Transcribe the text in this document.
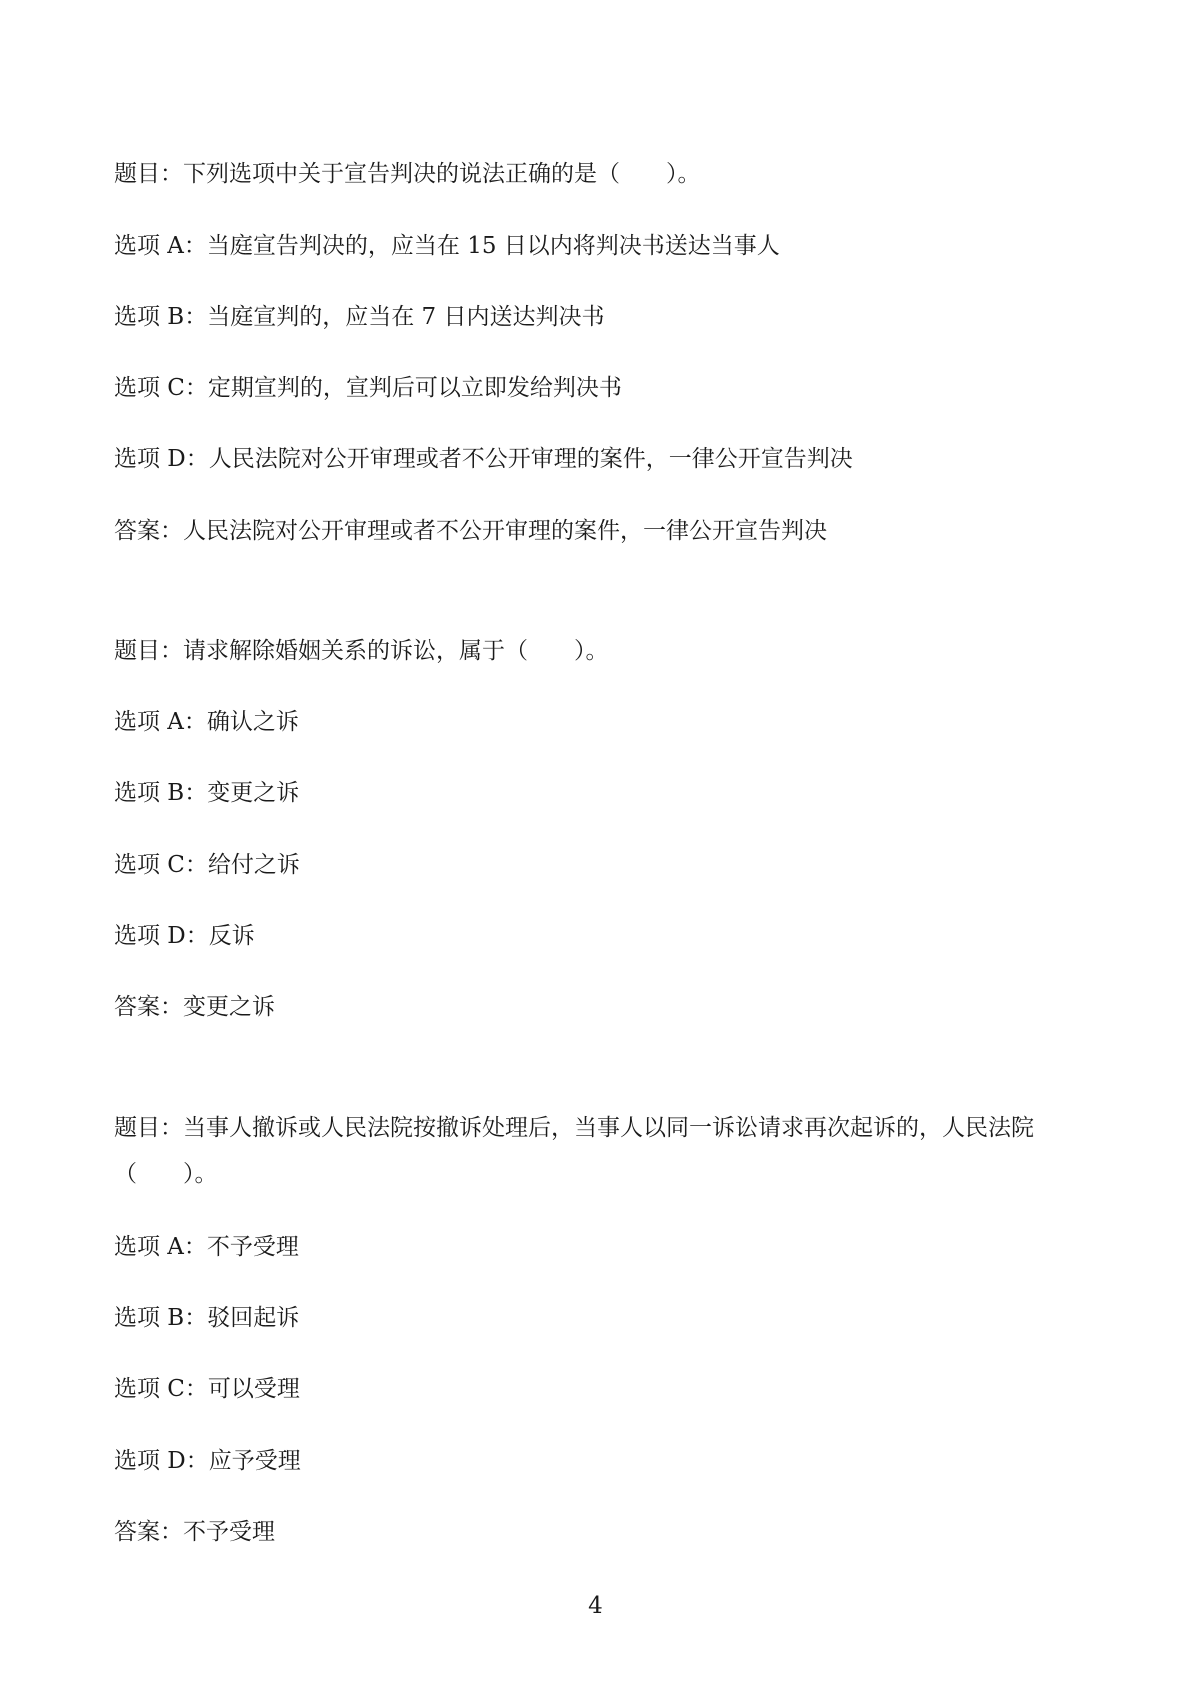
题目：下列选项中关于宣告判决的说法正确的是（　　）。
选项 A：当庭宣告判决的，应当在 15 日以内将判决书送达当事人
选项 B：当庭宣判的，应当在 7 日内送达判决书
选项 C：定期宣判的，宣判后可以立即发给判决书
选项 D：人民法院对公开审理或者不公开审理的案件，一律公开宣告判决
答案：人民法院对公开审理或者不公开审理的案件，一律公开宣告判决
题目：请求解除婚姻关系的诉讼，属于（　　）。
选项 A：确认之诉
选项 B：变更之诉
选项 C：给付之诉
选项 D：反诉
答案：变更之诉
题目：当事人撤诉或人民法院按撤诉处理后，当事人以同一诉讼请求再次起诉的，人民法院（　　）。
选项 A：不予受理
选项 B：驳回起诉
选项 C：可以受理
选项 D：应予受理
答案：不予受理
4
